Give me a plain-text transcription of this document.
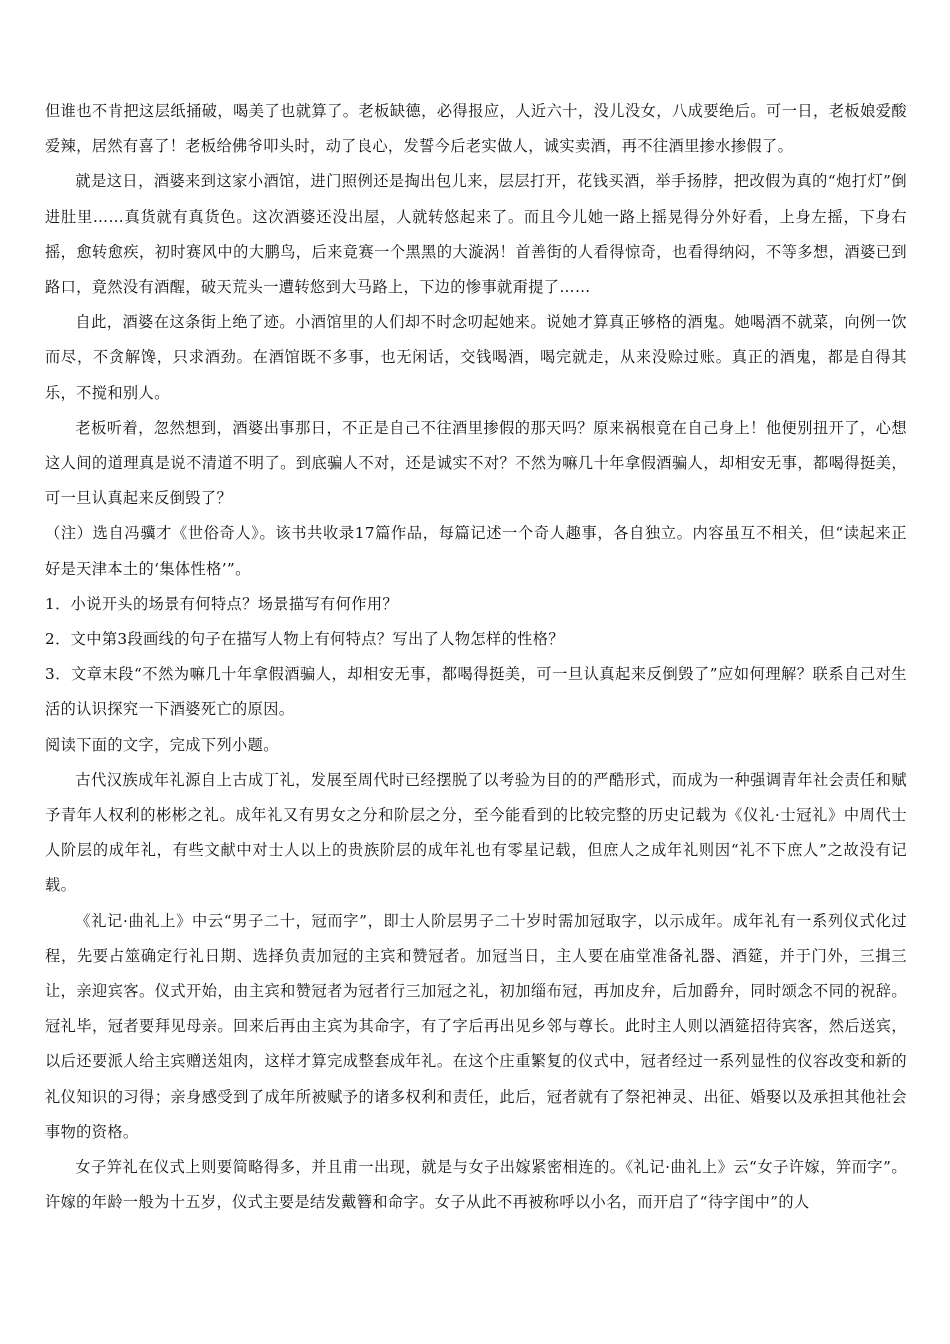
但谁也不肯把这层纸捅破，喝美了也就算了。老板缺德，必得报应，人近六十，没儿没女，八成要绝后。可一日，老板娘爱酸爱辣，居然有喜了！老板给佛爷叩头时，动了良心，发誓今后老实做人，诚实卖酒，再不往酒里掺水掺假了。

就是这日，酒婆来到这家小酒馆，进门照例还是掏出包儿来，层层打开，花钱买酒，举手扬脖，把改假为真的“炮打灯”倒进肚里……真货就有真货色。这次酒婆还没出屋，人就转悠起来了。而且今儿她一路上摇晃得分外好看，上身左摇，下身右摇，愈转愈疾，初时赛风中的大鹏鸟，后来竟赛一个黑黑的大漩涡！首善街的人看得惊奇，也看得纳闷，不等多想，酒婆已到路口，竟然没有酒醒，破天荒头一遭转悠到大马路上，下边的惨事就甭提了……

自此，酒婆在这条街上绝了迹。小酒馆里的人们却不时念叨起她来。说她才算真正够格的酒鬼。她喝酒不就菜，向例一饮而尽，不贪解馋，只求酒劲。在酒馆既不多事，也无闲话，交钱喝酒，喝完就走，从来没赊过账。真正的酒鬼，都是自得其乐，不搅和别人。

老板听着，忽然想到，酒婆出事那日，不正是自己不往酒里掺假的那天吗？原来祸根竟在自己身上！他便别扭开了，心想这人间的道理真是说不清道不明了。到底骗人不对，还是诚实不对？不然为嘛几十年拿假酒骗人，却相安无事，都喝得挺美，可一旦认真起来反倒毁了？

（注）选自冯骥才《世俗奇人》。该书共收录17篇作品，每篇记述一个奇人趣事，各自独立。内容虽互不相关，但“读起来正好是天津本土的‘集体性格’”。

1．小说开头的场景有何特点？场景描写有何作用？

2．文中第3段画线的句子在描写人物上有何特点？写出了人物怎样的性格？

3．文章末段“不然为嘛几十年拿假酒骗人，却相安无事，都喝得挺美，可一旦认真起来反倒毁了”应如何理解？联系自己对生活的认识探究一下酒婆死亡的原因。

阅读下面的文字，完成下列小题。

古代汉族成年礼源自上古成丁礼，发展至周代时已经摆脱了以考验为目的的严酷形式，而成为一种强调青年社会责任和赋予青年人权利的彬彬之礼。成年礼又有男女之分和阶层之分，至今能看到的比较完整的历史记载为《仪礼·士冠礼》中周代士人阶层的成年礼，有些文献中对士人以上的贵族阶层的成年礼也有零星记载，但庶人之成年礼则因“礼不下庶人”之故没有记载。

《礼记·曲礼上》中云“男子二十，冠而字”，即士人阶层男子二十岁时需加冠取字，以示成年。成年礼有一系列仪式化过程，先要占筮确定行礼日期、选择负责加冠的主宾和赞冠者。加冠当日，主人要在庙堂准备礼器、酒筵，并于门外，三揖三让，亲迎宾客。仪式开始，由主宾和赞冠者为冠者行三加冠之礼，初加缁布冠，再加皮弁，后加爵弁，同时颂念不同的祝辞。冠礼毕，冠者要拜见母亲。回来后再由主宾为其命字，有了字后再出见乡邻与尊长。此时主人则以酒筵招待宾客，然后送宾，以后还要派人给主宾赠送俎肉，这样才算完成整套成年礼。在这个庄重繁复的仪式中，冠者经过一系列显性的仪容改变和新的礼仪知识的习得；亲身感受到了成年所被赋予的诸多权利和责任，此后，冠者就有了祭祀神灵、出征、婚娶以及承担其他社会事物的资格。

女子笄礼在仪式上则要简略得多，并且甫一出现，就是与女子出嫁紧密相连的。《礼记·曲礼上》云“女子许嫁，笄而字”。许嫁的年龄一般为十五岁，仪式主要是结发戴簪和命字。女子从此不再被称呼以小名，而开启了“待字闺中”的人
